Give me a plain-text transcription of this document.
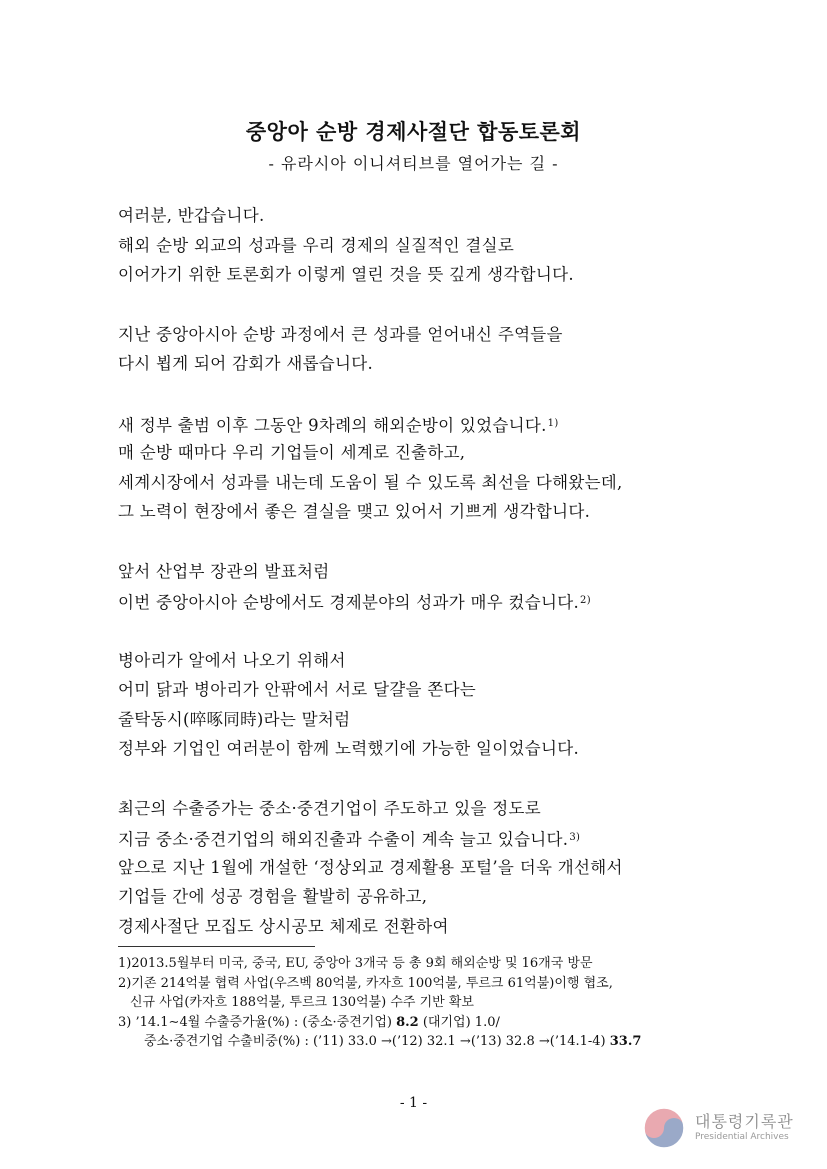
중앙아 순방 경제사절단 합동토론회
- 유라시아 이니셔티브를 열어가는 길 -
여러분, 반갑습니다.
해외 순방 외교의 성과를 우리 경제의 실질적인 결실로
이어가기 위한 토론회가 이렇게 열린 것을 뜻 깊게 생각합니다.
지난 중앙아시아 순방 과정에서 큰 성과를 얻어내신 주역들을
다시 뵙게 되어 감회가 새롭습니다.
새 정부 출범 이후 그동안 9차례의 해외순방이 있었습니다.$^{1)}$
매 순방 때마다 우리 기업들이 세계로 진출하고,
세계시장에서 성과를 내는데 도움이 될 수 있도록 최선을 다해왔는데,
그 노력이 현장에서 좋은 결실을 맺고 있어서 기쁘게 생각합니다.
앞서 산업부 장관의 발표처럼
이번 중앙아시아 순방에서도 경제분야의 성과가 매우 컸습니다.$^{2)}$
병아리가 알에서 나오기 위해서
어미 닭과 병아리가 안팎에서 서로 달걀을 쫀다는
줄탁동시(啐啄同時)라는 말처럼
정부와 기업인 여러분이 함께 노력했기에 가능한 일이었습니다.
최근의 수출증가는 중소·중견기업이 주도하고 있을 정도로
지금 중소·중견기업의 해외진출과 수출이 계속 늘고 있습니다.$^{3)}$
앞으로 지난 1월에 개설한 ‘정상외교 경제활용 포털’을 더욱 개선해서
기업들 간에 성공 경험을 활발히 공유하고,
경제사절단 모집도 상시공모 체제로 전환하여
1)2013.5월부터 미국, 중국, EU, 중앙아 3개국 등 총 9회 해외순방 및 16개국 방문
2)기존 214억불 협력 사업(우즈벡 80억불, 카자흐 100억불, 투르크 61억불)이행 협조,
신규 사업(카자흐 188억불, 투르크 130억불) 수주 기반 확보
3) ’14.1∼4월 수출증가율(%) : (중소·중견기업) 8.2 (대기업) 1.0/
중소·중견기업 수출비중(%) : (’11) 33.0 →(’12) 32.1 →(’13) 32.8 →(’14.1-4) 33.7
- 1 -
대통령기록관
Presidential Archives
